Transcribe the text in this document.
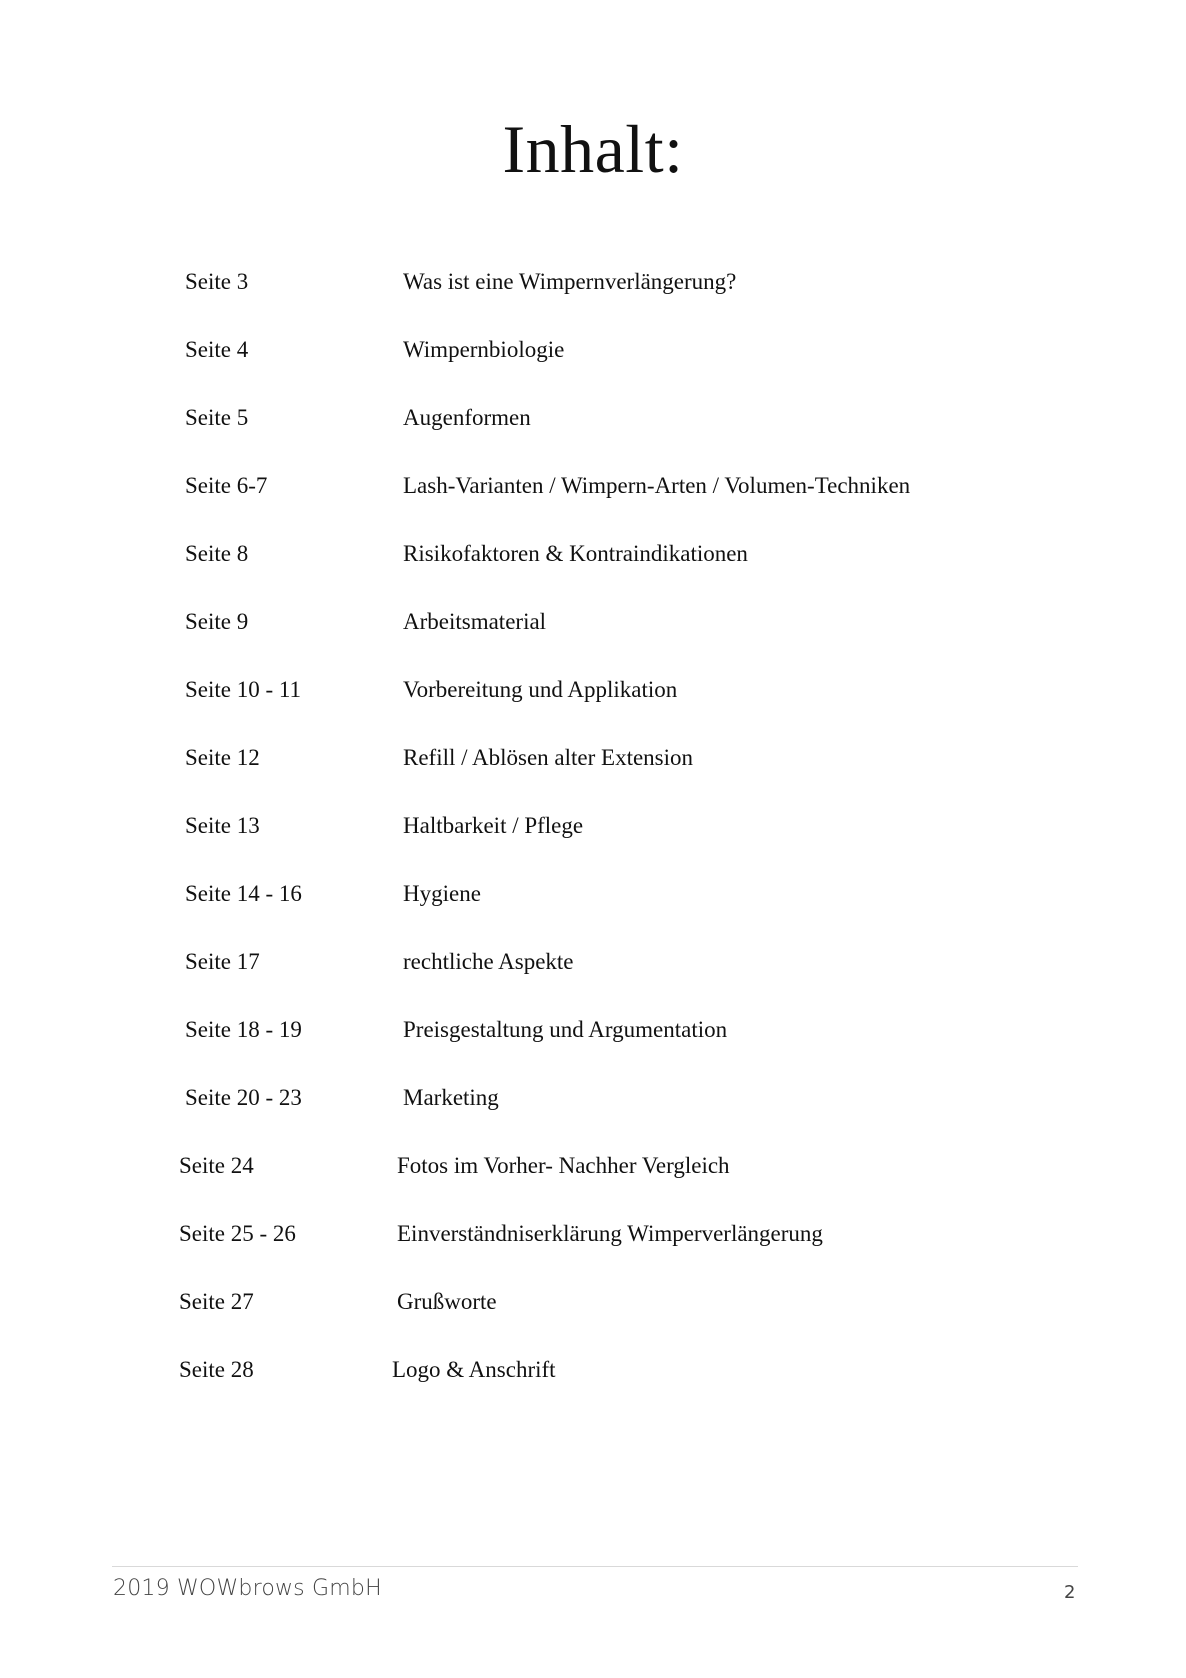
Inhalt:
Seite 3	Was ist eine Wimpernverlängerung?
Seite 4	Wimpernbiologie
Seite 5	Augenformen
Seite 6-7	Lash-Varianten / Wimpern-Arten / Volumen-Techniken
Seite 8	Risikofaktoren & Kontraindikationen
Seite 9	Arbeitsmaterial
Seite 10 - 11	Vorbereitung und Applikation
Seite 12	Refill / Ablösen alter Extension
Seite 13	Haltbarkeit / Pflege
Seite 14 - 16	Hygiene
Seite 17	rechtliche Aspekte
Seite 18 - 19	Preisgestaltung und Argumentation
Seite 20 - 23	Marketing
Seite 24	Fotos im Vorher- Nachher Vergleich
Seite 25 - 26	Einverständniserklärung Wimperverlängerung
Seite 27	Grußworte
Seite 28	Logo & Anschrift
2019 WOWbrows GmbH	2
